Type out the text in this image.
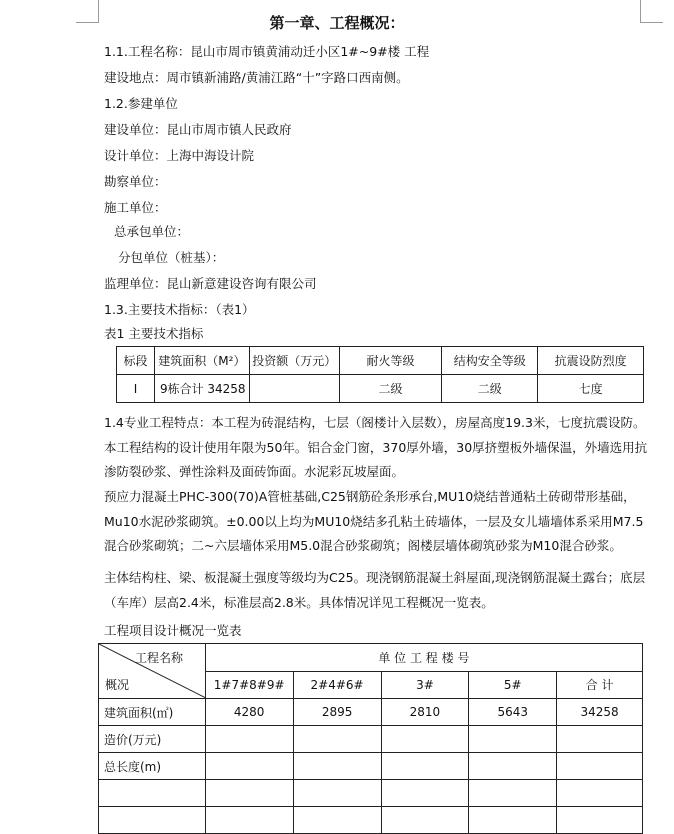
第一章、工程概况：
1.1.工程名称：昆山市周市镇黄浦动迁小区1#~9#楼 工程
建设地点：周市镇新浦路/黄浦江路“十”字路口西南侧。
1.2.参建单位
建设单位：昆山市周市镇人民政府
设计单位：上海中海设计院
勘察单位：
施工单位：
总承包单位：
分包单位（桩基）：
监理单位：昆山新意建设咨询有限公司
1.3.主要技术指标：（表1）
表1 主要技术指标
标段	建筑面积（M²）	投资额（万元）	耐火等级	结构安全等级	抗震设防烈度
I	9栋合计 34258		二级	二级	七度
1.4专业工程特点：本工程为砖混结构，七层（阁楼计入层数），房屋高度19.3米，七度抗震设防。本工程结构的设计使用年限为50年。铝合金门窗，370厚外墙，30厚挤塑板外墙保温，外墙选用抗渗防裂砂浆、弹性涂料及面砖饰面。水泥彩瓦坡屋面。
预应力混凝土PHC-300(70)A管桩基础,C25钢筋砼条形承台,MU10烧结普通粘土砖砌带形基础，Mu10水泥砂浆砌筑。±0.00以上均为MU10烧结多孔粘土砖墙体，一层及女儿墙墙体系采用M7.5混合砂浆砌筑；二~六层墙体采用M5.0混合砂浆砌筑；阁楼层墙体砌筑砂浆为M10混合砂浆。
主体结构柱、梁、板混凝土强度等级均为C25。现浇钢筋混凝土斜屋面,现浇钢筋混凝土露台；底层（车库）层高2.4米，标准层高2.8米。具体情况详见工程概况一览表。
工程项目设计概况一览表
工程名称
概况	单 位 工 程 楼 号				
	1#7#8#9#	2#4#6#	3#	5#	合 计
建筑面积(㎡)	4280	2895	2810	5643	34258
造价(万元)					
总长度(m)					
